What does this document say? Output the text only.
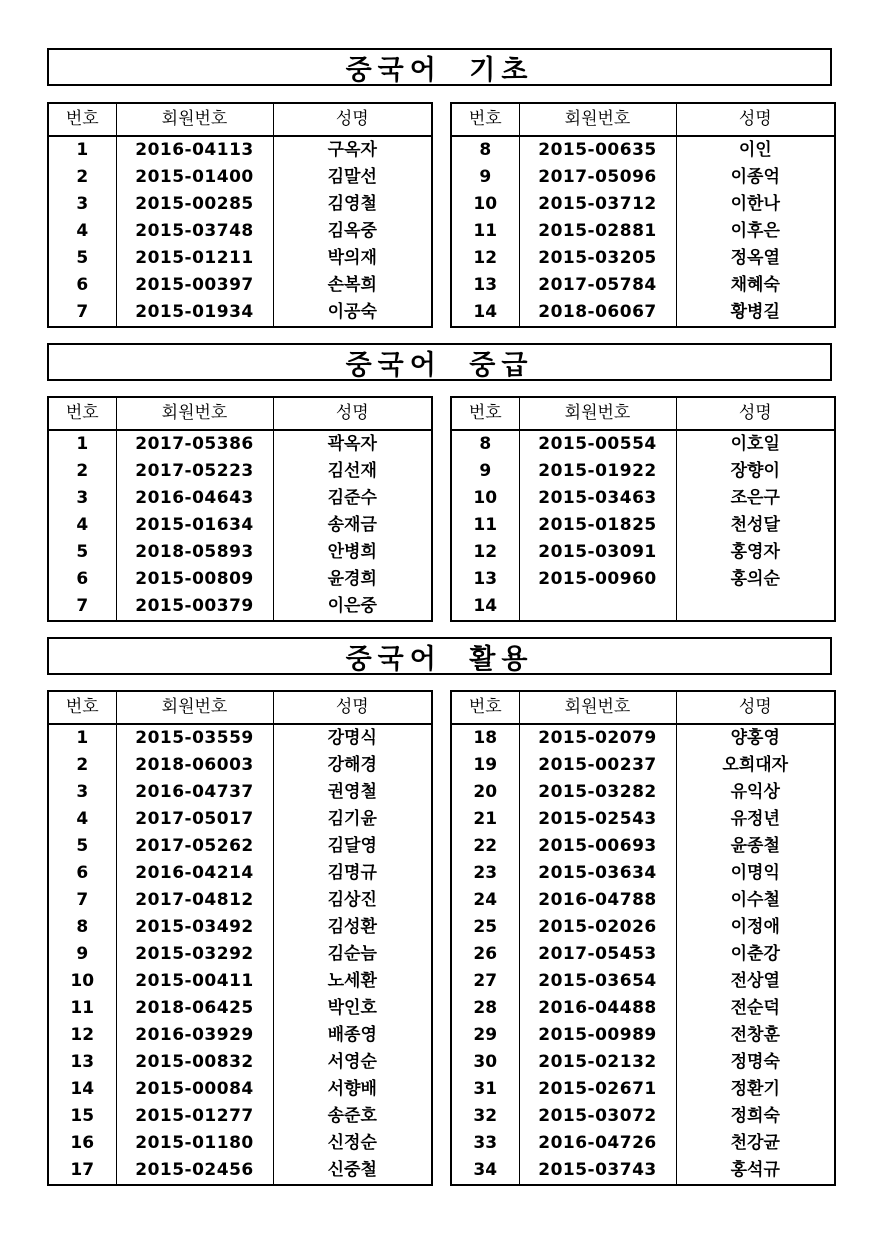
중국어 기초
번호	회원번호	성명
1	2016-04113	구옥자
2	2015-01400	김말선
3	2015-00285	김영철
4	2015-03748	김옥중
5	2015-01211	박의재
6	2015-00397	손복희
7	2015-01934	이공숙
번호	회원번호	성명
8	2015-00635	이인
9	2017-05096	이종억
10	2015-03712	이한나
11	2015-02881	이후은
12	2015-03205	정옥열
13	2017-05784	채혜숙
14	2018-06067	황병길
중국어 중급
번호	회원번호	성명
1	2017-05386	곽옥자
2	2017-05223	김선재
3	2016-04643	김준수
4	2015-01634	송재금
5	2018-05893	안병희
6	2015-00809	윤경희
7	2015-00379	이은중
번호	회원번호	성명
8	2015-00554	이호일
9	2015-01922	장향이
10	2015-03463	조은구
11	2015-01825	천성달
12	2015-03091	홍영자
13	2015-00960	홍의순
14		
중국어 활용
번호	회원번호	성명
1	2015-03559	강명식
2	2018-06003	강해경
3	2016-04737	권영철
4	2017-05017	김기윤
5	2017-05262	김달영
6	2016-04214	김명규
7	2017-04812	김상진
8	2015-03492	김성환
9	2015-03292	김순늠
10	2015-00411	노세환
11	2018-06425	박인호
12	2016-03929	배종영
13	2015-00832	서영순
14	2015-00084	서향배
15	2015-01277	송준호
16	2015-01180	신정순
17	2015-02456	신중철
번호	회원번호	성명
18	2015-02079	양홍영
19	2015-00237	오희대자
20	2015-03282	유익상
21	2015-02543	유정년
22	2015-00693	윤종철
23	2015-03634	이명익
24	2016-04788	이수철
25	2015-02026	이정애
26	2017-05453	이춘강
27	2015-03654	전상열
28	2016-04488	전순덕
29	2015-00989	전창훈
30	2015-02132	정명숙
31	2015-02671	정환기
32	2015-03072	정희숙
33	2016-04726	천강균
34	2015-03743	홍석규
